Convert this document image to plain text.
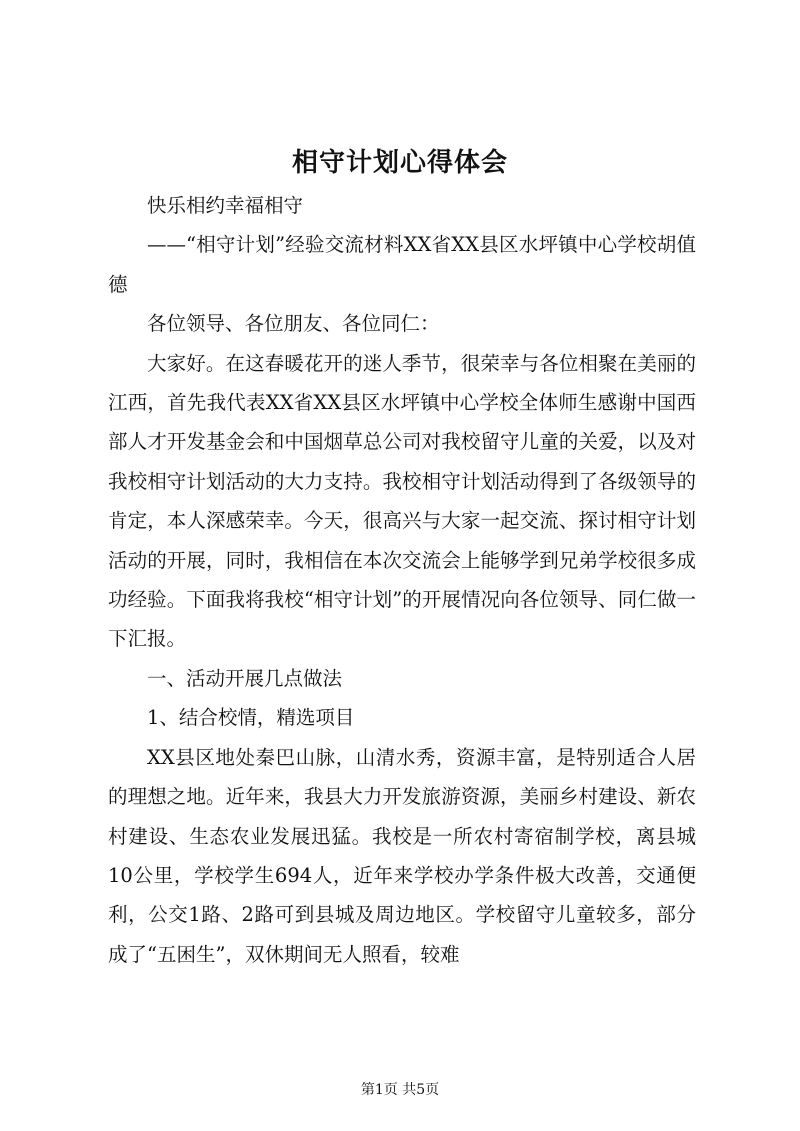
相守计划心得体会

快乐相约幸福相守

——“相守计划”经验交流材料XX省XX县区水坪镇中心学校胡值德

各位领导、各位朋友、各位同仁：

大家好。在这春暖花开的迷人季节，很荣幸与各位相聚在美丽的江西，首先我代表XX省XX县区水坪镇中心学校全体师生感谢中国西部人才开发基金会和中国烟草总公司对我校留守儿童的关爱，以及对我校相守计划活动的大力支持。我校相守计划活动得到了各级领导的肯定，本人深感荣幸。今天，很高兴与大家一起交流、探讨相守计划活动的开展，同时，我相信在本次交流会上能够学到兄弟学校很多成功经验。下面我将我校“相守计划”的开展情况向各位领导、同仁做一下汇报。

一、活动开展几点做法

1、结合校情，精选项目

XX县区地处秦巴山脉，山清水秀，资源丰富，是特别适合人居的理想之地。近年来，我县大力开发旅游资源，美丽乡村建设、新农村建设、生态农业发展迅猛。我校是一所农村寄宿制学校，离县城10公里，学校学生694人，近年来学校办学条件极大改善，交通便利，公交1路、2路可到县城及周边地区。学校留守儿童较多，部分成了“五困生”，双休期间无人照看，较难

第1页 共5页
